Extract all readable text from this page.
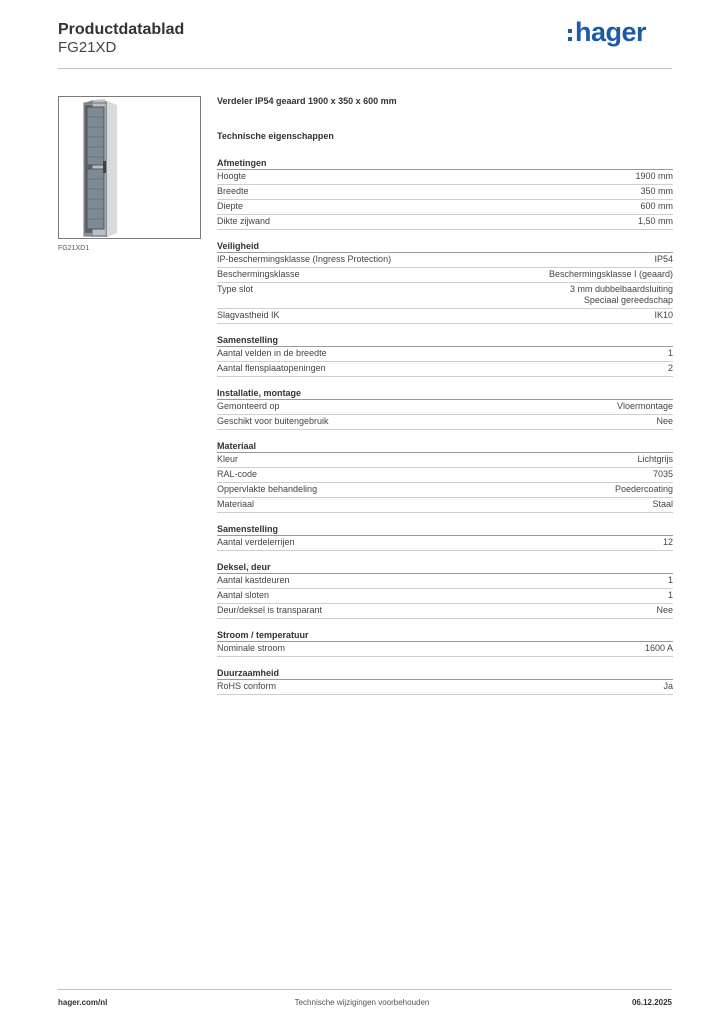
Productdatablad
FG21XD
hager
FG21XD1
Verdeler IP54 geaard 1900 x 350 x 600 mm
Technische eigenschappen
Afmetingen
Hoogte	1900 mm
Breedte	350 mm
Diepte	600 mm
Dikte zijwand	1,50 mm
Veiligheid
IP-beschermingsklasse (Ingress Protection)	IP54
Beschermingsklasse	Beschermingsklasse I (geaard)
Type slot	3 mm dubbelbaardsluiting
Speciaal gereedschap
Slagvastheid IK	IK10
Samenstelling
Aantal velden in de breedte	1
Aantal flensplaatopeningen	2
Installatie, montage
Gemonteerd op	Vloermontage
Geschikt voor buitengebruik	Nee
Materiaal
Kleur	Lichtgrijs
RAL-code	7035
Oppervlakte behandeling	Poedercoating
Materiaal	Staal
Samenstelling
Aantal verdelerrijen	12
Deksel, deur
Aantal kastdeuren	1
Aantal sloten	1
Deur/deksel is transparant	Nee
Stroom / temperatuur
Nominale stroom	1600 A
Duurzaamheid
RoHS conform	Ja
hager.com/nl	Technische wijzigingen voorbehouden	06.12.2025
